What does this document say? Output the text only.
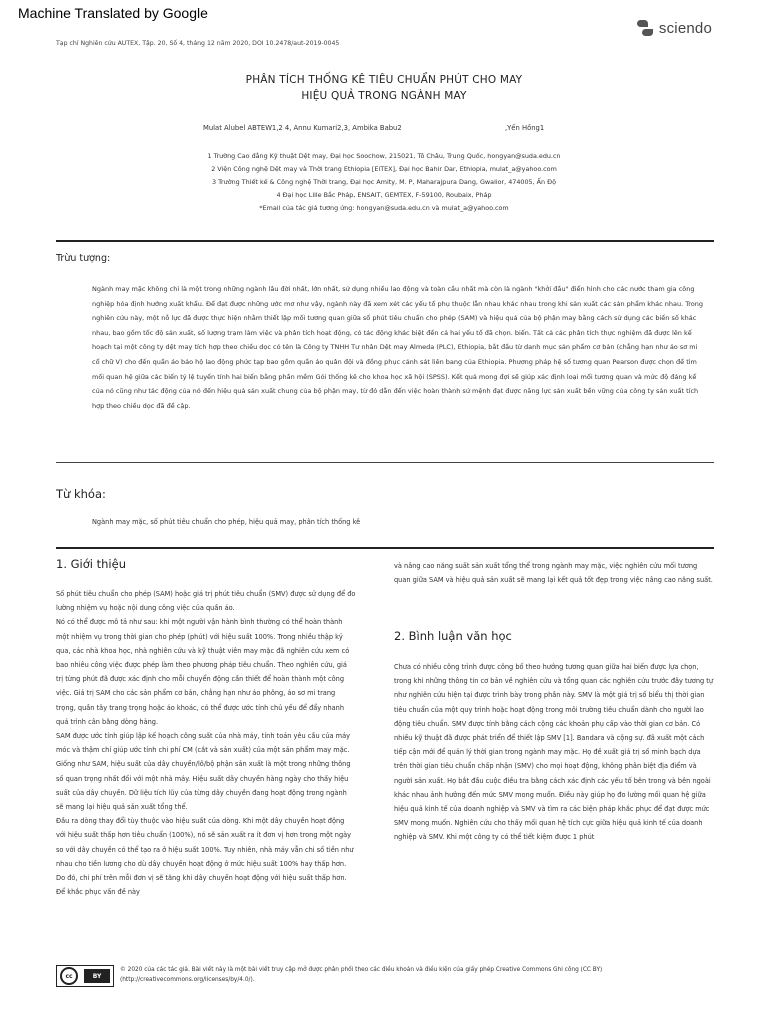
Machine Translated by Google
sciendo
Tạp chí Nghiên cứu AUTEX, Tập. 20, Số 4, tháng 12 năm 2020, DOI 10.2478/aut-2019-0045
PHÂN TÍCH THỐNG KÊ TIÊU CHUẨN PHÚT CHO MAY
HIỆU QUẢ TRONG NGÀNH MAY
Mulat Alubel ABTEW1,2 4, Annu Kumari2,3, Ambika Babu2	,Yến Hồng1
1 Trường Cao đẳng Kỹ thuật Dệt may, Đại học Soochow, 215021, Tô Châu, Trung Quốc, hongyan@suda.edu.cn
2 Viện Công nghệ Dệt may và Thời trang Ethiopia [EiTEX], Đại học Bahir Dar, Ethiopia, mulat_a@yahoo.com
3 Trường Thiết kế & Công nghệ Thời trang, Đại học Amity, M. P, Maharajpura Dang, Gwalior, 474005, Ấn Độ
4 Đại học Lille Bắc Pháp, ENSAIT, GEMTEX, F-59100, Roubaix, Pháp
*Email của tác giả tương ứng: hongyan@suda.edu.cn và mulat_a@yahoo.com
Trừu tượng:
Ngành may mặc không chỉ là một trong những ngành lâu đời nhất, lớn nhất, sử dụng nhiều lao động và toàn cầu nhất mà còn là ngành "khởi đầu" điển hình cho các nước tham gia công nghiệp hóa định hướng xuất khẩu. Để đạt được những ước mơ như vậy, ngành này đã xem xét các yếu tố phụ thuộc lẫn nhau khác nhau trong khi sản xuất các sản phẩm khác nhau. Trong nghiên cứu này, một nỗ lực đã được thực hiện nhằm thiết lập mối tương quan giữa số phút tiêu chuẩn cho phép (SAM) và hiệu quả của bộ phận may bằng cách sử dụng các biến số khác nhau, bao gồm tốc độ sản xuất, số lượng trạm làm việc và phân tích hoạt động, có tác động khác biệt đến cả hai yếu tố đã chọn. biến. Tất cả các phân tích thực nghiệm đã được lên kế hoạch tại một công ty dệt may tích hợp theo chiều dọc có tên là Công ty TNHH Tư nhân Dệt may Almeda (PLC), Ethiopia, bắt đầu từ danh mục sản phẩm cơ bản (chẳng hạn như áo sơ mi cổ chữ V) cho đến quần áo bảo hộ lao động phức tạp bao gồm quần áo quân đội và đồng phục cảnh sát liên bang của Ethiopia. Phương pháp hệ số tương quan Pearson được chọn để tìm mối quan hệ giữa các biến tỷ lệ tuyến tính hai biến bằng phần mềm Gói thống kê cho khoa học xã hội (SPSS). Kết quả mong đợi sẽ giúp xác định loại mối tương quan và mức độ đáng kể của nó cũng như tác động của nó đến hiệu quả sản xuất chung của bộ phận may, từ đó dẫn đến việc hoàn thành sứ mệnh đạt được năng lực sản xuất bền vững của công ty sản xuất tích hợp theo chiều dọc đã đề cập.
Từ khóa:
Ngành may mặc, số phút tiêu chuẩn cho phép, hiệu quả may, phân tích thống kê
1. Giới thiệu

Số phút tiêu chuẩn cho phép (SAM) hoặc giá trị phút tiêu chuẩn (SMV) được sử dụng để đo lường nhiệm vụ hoặc nội dung công việc của quần áo.

Nó có thể được mô tả như sau: khi một người vận hành bình thường có thể hoàn thành một nhiệm vụ trong thời gian cho phép (phút) với hiệu suất 100%. Trong nhiều thập kỷ qua, các nhà khoa học, nhà nghiên cứu và kỹ thuật viên may mặc đã nghiên cứu xem có bao nhiêu công việc được phép làm theo phương pháp tiêu chuẩn. Theo nghiên cứu, giá trị từng phút đã được xác định cho mỗi chuyển động cần thiết để hoàn thành một công việc. Giá trị SAM cho các sản phẩm cơ bản, chẳng hạn như áo phông, áo sơ mi trang trọng, quần tây trang trọng hoặc áo khoác, có thể được ước tính chủ yếu để đẩy nhanh quá trình cân bằng dòng hàng.

SAM được ước tính giúp lập kế hoạch công suất của nhà máy, tính toán yêu cầu của máy móc và thậm chí giúp ước tính chi phí CM (cắt và sản xuất) của một sản phẩm may mặc. Giống như SAM, hiệu suất của dây chuyền/lô/bộ phận sản xuất là một trong những thông số quan trọng nhất đối với một nhà máy. Hiệu suất dây chuyền hàng ngày cho thấy hiệu suất của dây chuyền. Dữ liệu tích lũy của từng dây chuyền đang hoạt động trong ngành sẽ mang lại hiệu quả sản xuất tổng thể.

Đầu ra dòng thay đổi tùy thuộc vào hiệu suất của dòng. Khi một dây chuyền hoạt động với hiệu suất thấp hơn tiêu chuẩn (100%), nó sẽ sản xuất ra ít đơn vị hơn trong một ngày so với dây chuyền có thể tạo ra ở hiệu suất 100%. Tuy nhiên, nhà máy vẫn chi số tiền như nhau cho tiền lương cho dù dây chuyền hoạt động ở mức hiệu suất 100% hay thấp hơn. Do đó, chi phí trên mỗi đơn vị sẽ tăng khi dây chuyền hoạt động với hiệu suất thấp hơn. Để khắc phục vấn đề này

và nâng cao năng suất sản xuất tổng thể trong ngành may mặc, việc nghiên cứu mối tương quan giữa SAM và hiệu quả sản xuất sẽ mang lại kết quả tốt đẹp trong việc nâng cao năng suất.
2. Bình luận văn học
Chưa có nhiều công trình được công bố theo hướng tương quan giữa hai biến được lựa chọn, trong khi những thông tin cơ bản về nghiên cứu và tổng quan các nghiên cứu trước đây tương tự như nghiên cứu hiện tại được trình bày trong phần này. SMV là một giá trị số biểu thị thời gian tiêu chuẩn của một quy trình hoặc hoạt động trong môi trường tiêu chuẩn dành cho người lao động tiêu chuẩn. SMV được tính bằng cách cộng các khoản phụ cấp vào thời gian cơ bản. Có nhiều kỹ thuật đã được phát triển để thiết lập SMV [1]. Bandara và cộng sự. đã xuất một cách tiếp cận mới để quản lý thời gian trong ngành may mặc. Họ đề xuất giá trị số minh bạch dựa trên thời gian tiêu chuẩn chấp nhận (SMV) cho mọi hoạt động, không phân biệt địa điểm và người sản xuất. Họ bắt đầu cuộc điều tra bằng cách xác định các yếu tố bên trong và bên ngoài khác nhau ảnh hưởng đến mức SMV mong muốn. Điều này giúp họ đo lường mối quan hệ giữa hiệu quả kinh tế của doanh nghiệp và SMV và tìm ra các biện pháp khắc phục để đạt được mức SMV mong muốn. Nghiên cứu cho thấy mối quan hệ tích cực giữa hiệu quả kinh tế của doanh nghiệp và SMV. Khi một công ty có thể tiết kiệm được 1 phút
cc	BY
© 2020 của các tác giả. Bài viết này là một bài viết truy cập mở được phân phối theo các điều khoản và điều kiện của giấy phép Creative Commons Ghi công (CC BY) (http://creativecommons.org/licenses/by/4.0/).
